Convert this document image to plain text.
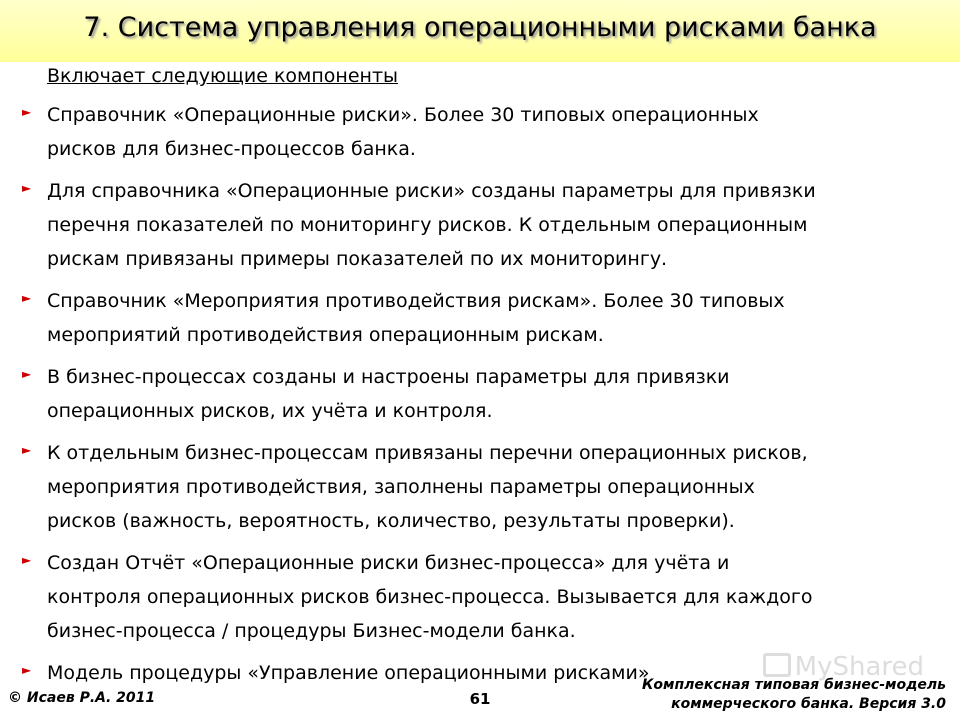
7. Система управления операционными рисками банка
Включает следующие компоненты
► Справочник «Операционные риски». Более 30 типовых операционных
рисков для бизнес-процессов банка.
► Для справочника «Операционные риски» созданы параметры для привязки
перечня показателей по мониторингу рисков. К отдельным операционным
рискам привязаны примеры показателей по их мониторингу.
► Справочник «Мероприятия противодействия рискам». Более 30 типовых
мероприятий противодействия операционным рискам.
► В бизнес-процессах созданы и настроены параметры для привязки
операционных рисков, их учёта и контроля.
► К отдельным бизнес-процессам привязаны перечни операционных рисков,
мероприятия противодействия, заполнены параметры операционных
рисков (важность, вероятность, количество, результаты проверки).
► Создан Отчёт «Операционные риски бизнес-процесса» для учёта и
контроля операционных рисков бизнес-процесса. Вызывается для каждого
бизнес-процесса / процедуры Бизнес-модели банка.
► Модель процедуры «Управление операционными рисками»	MyShared
© Исаев Р.А. 2011	61
Комплексная типовая бизнес-модель
коммерческого банка. Версия 3.0
